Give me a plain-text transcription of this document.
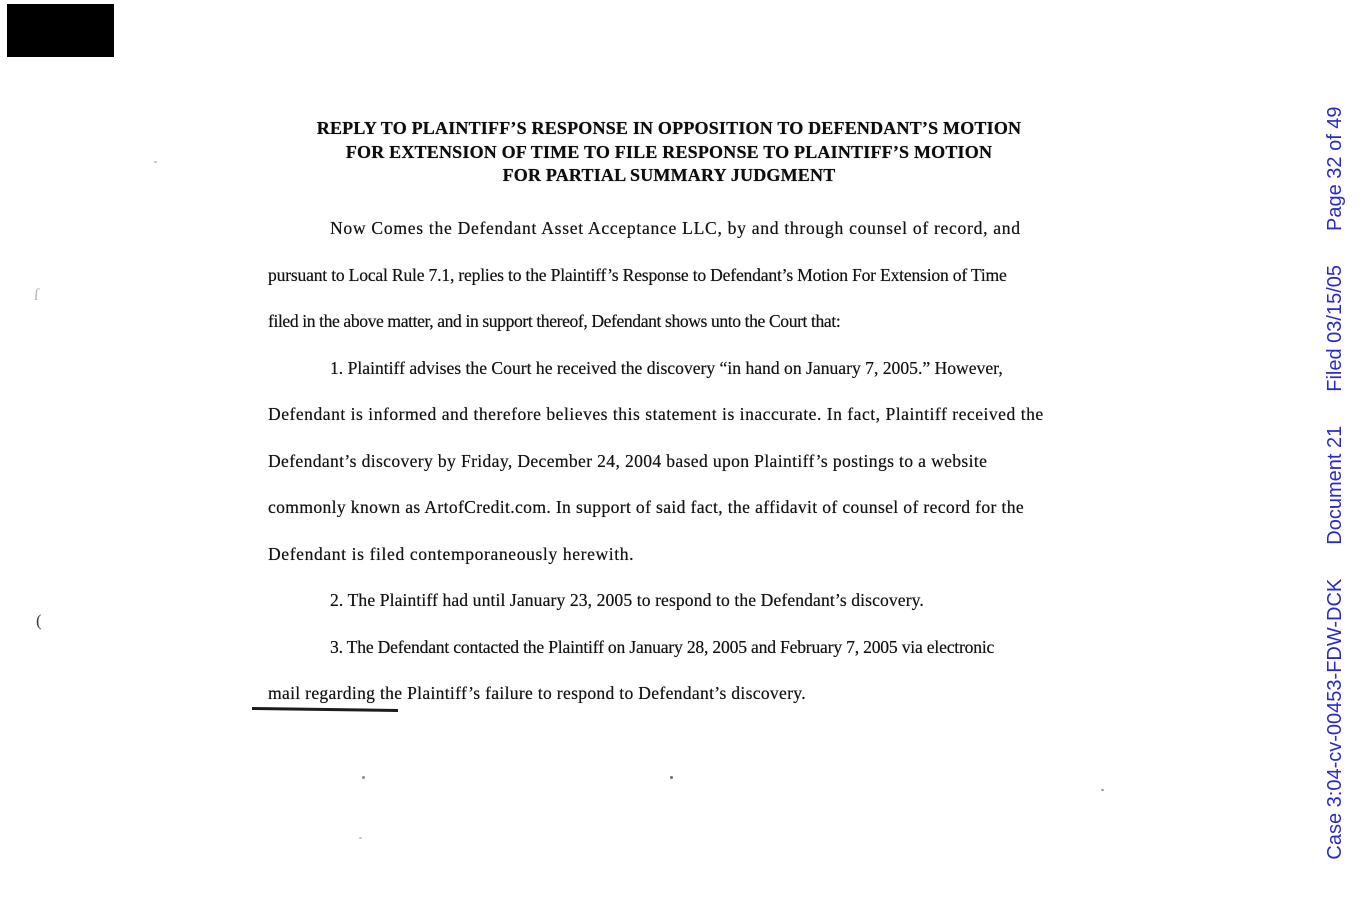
REPLY TO PLAINTIFF’S RESPONSE IN OPPOSITION TO DEFENDANT’S MOTION
FOR EXTENSION OF TIME TO FILE RESPONSE TO PLAINTIFF’S MOTION
FOR PARTIAL SUMMARY JUDGMENT
Now Comes the Defendant Asset Acceptance LLC, by and through counsel of record, and
pursuant to Local Rule 7.1, replies to the Plaintiff’s Response to Defendant’s Motion For Extension of Time
filed in the above matter, and in support thereof, Defendant shows unto the Court that:
1. Plaintiff advises the Court he received the discovery “in hand on January 7, 2005.” However,
Defendant is informed and therefore believes this statement is inaccurate. In fact, Plaintiff received the
Defendant’s discovery by Friday, December 24, 2004 based upon Plaintiff’s postings to a website
commonly known as ArtofCredit.com. In support of said fact, the affidavit of counsel of record for the
Defendant is filed contemporaneously herewith.
2. The Plaintiff had until January 23, 2005 to respond to the Defendant’s discovery.
3. The Defendant contacted the Plaintiff on January 28, 2005 and February 7, 2005 via electronic
mail regarding the Plaintiff’s failure to respond to Defendant’s discovery.	Case 3:04-cv-00453-FDW-DCK
Document 21
Filed 03/15/05
Page 32 of 49
ſ
(
